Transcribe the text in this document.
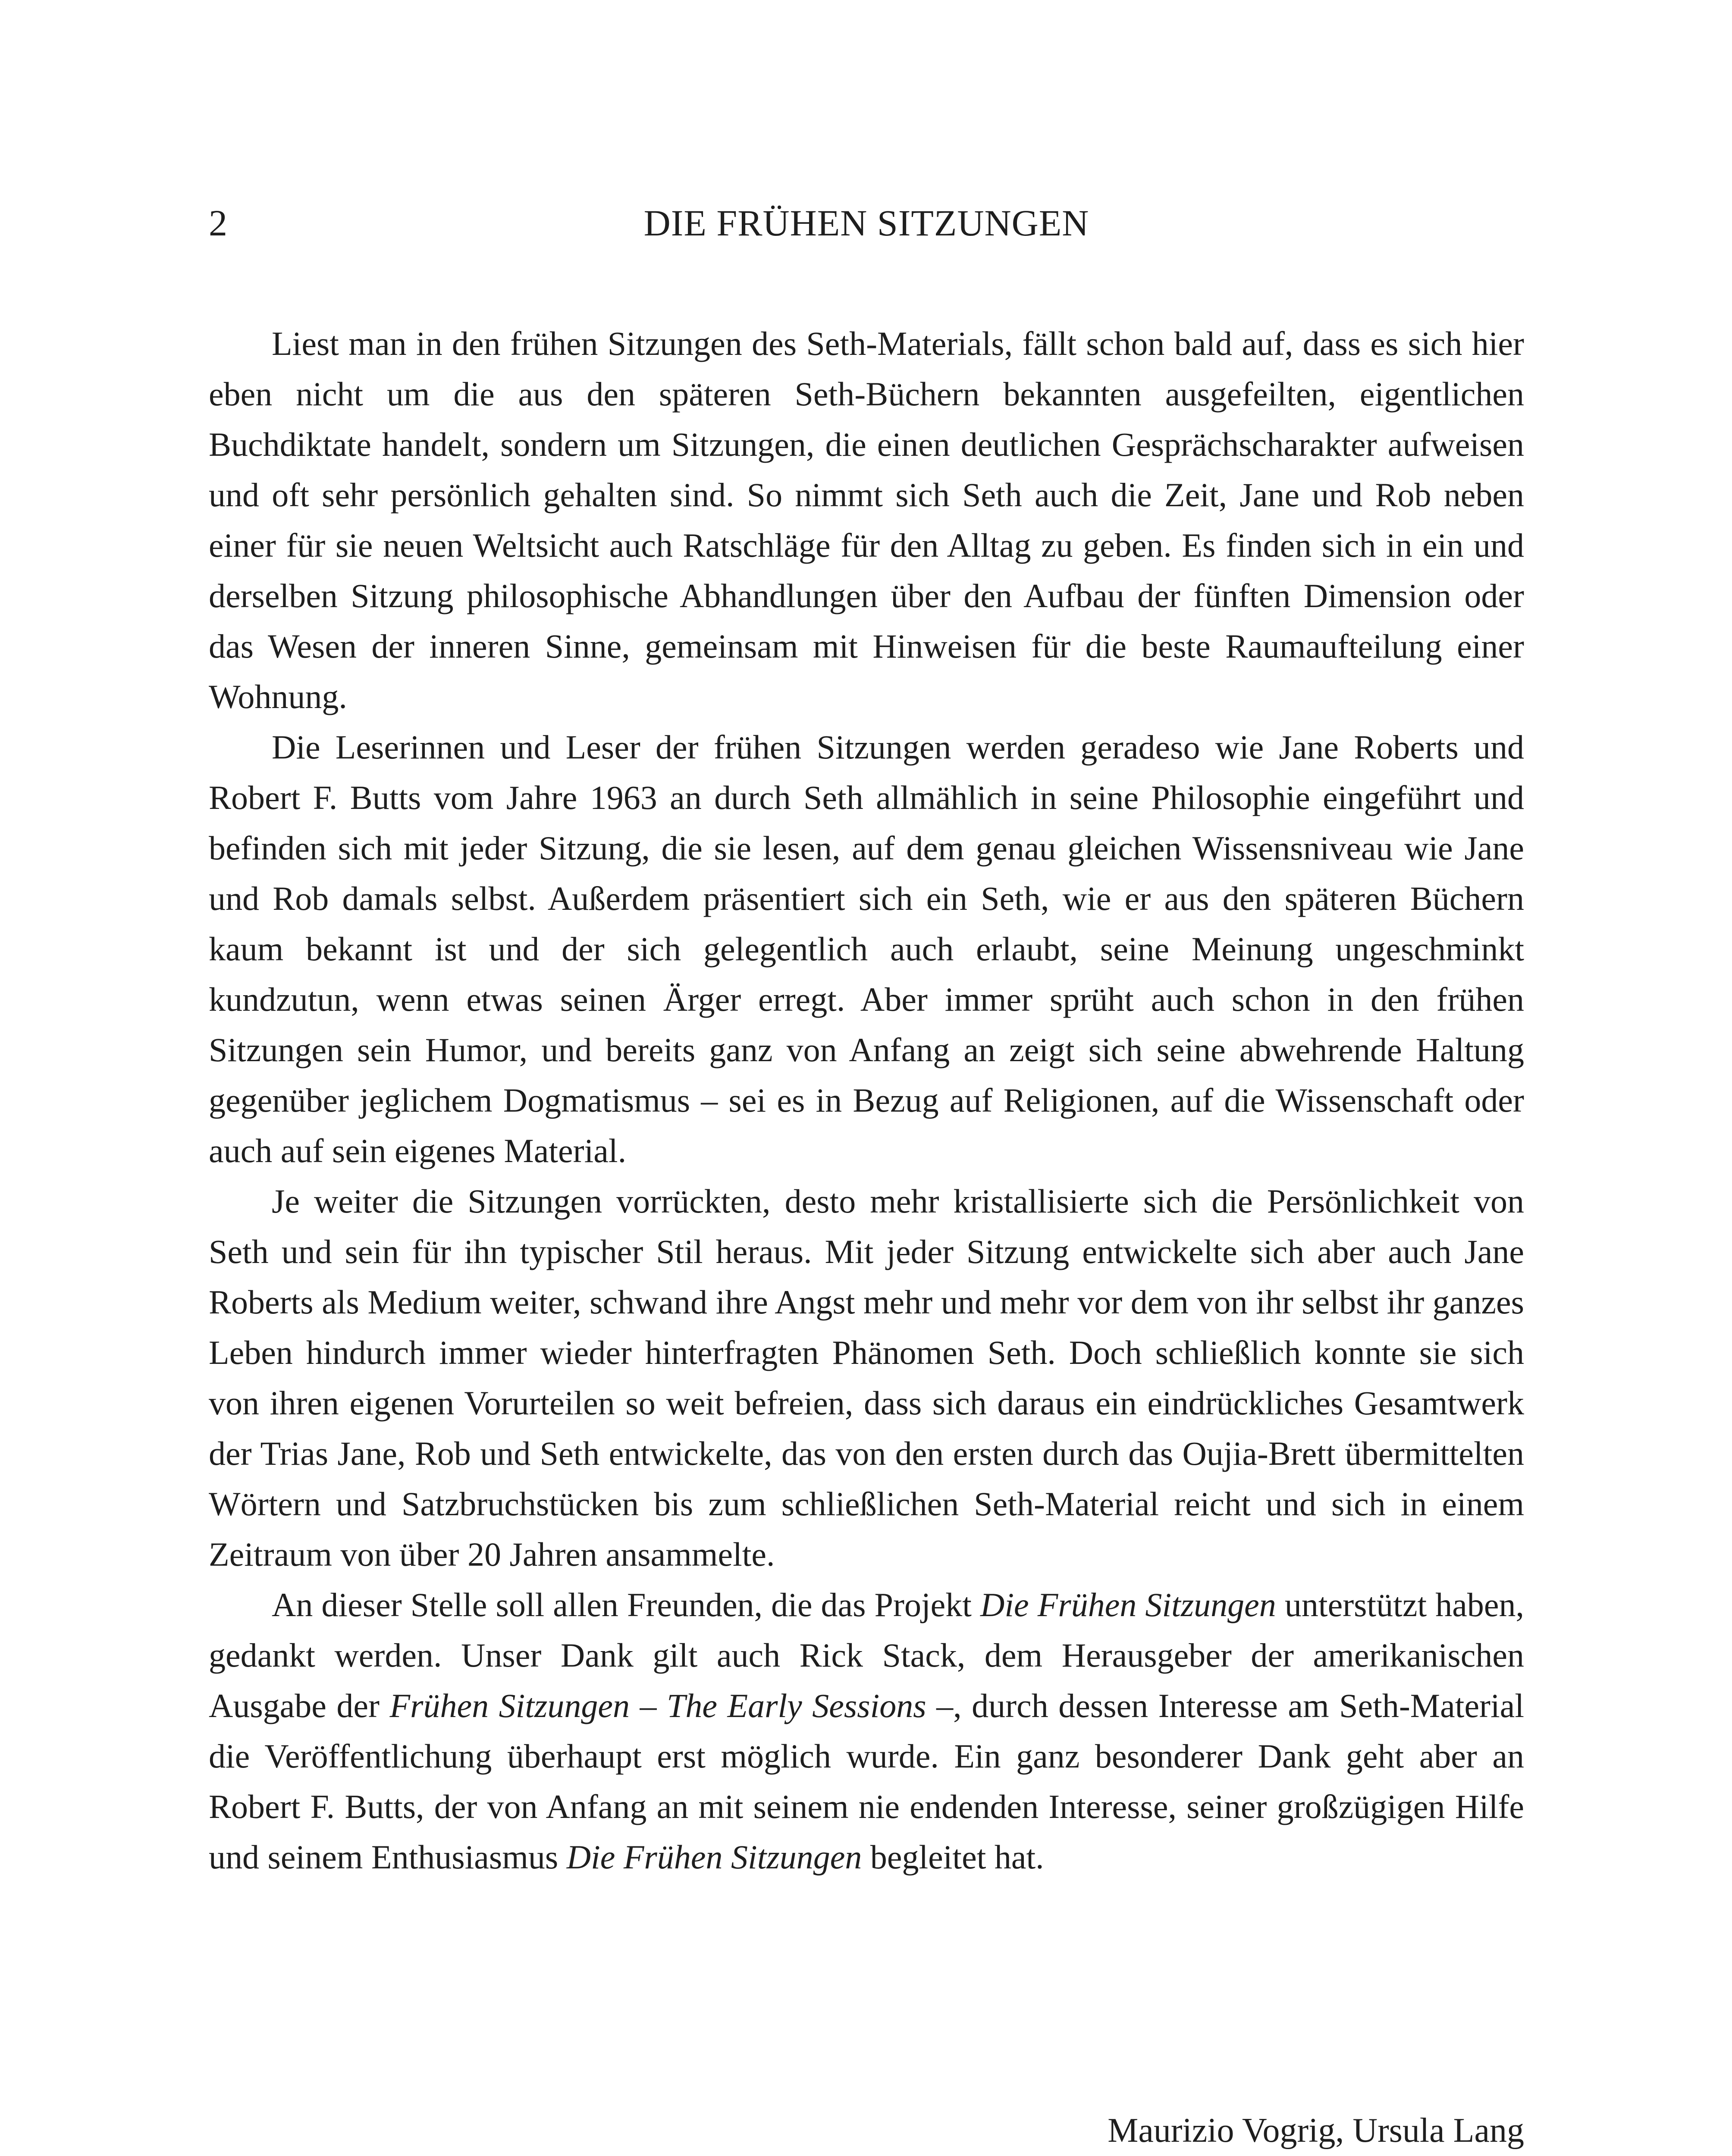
2	DIE FRÜHEN SITZUNGEN

Liest man in den frühen Sitzungen des Seth-Materials, fällt schon bald auf, dass es sich hier eben nicht um die aus den späteren Seth-Büchern bekannten ausgefeilten, eigentlichen Buchdiktate handelt, sondern um Sitzungen, die einen deutlichen Gesprächscharakter aufweisen und oft sehr persönlich gehalten sind. So nimmt sich Seth auch die Zeit, Jane und Rob neben einer für sie neuen Weltsicht auch Ratschläge für den Alltag zu geben. Es finden sich in ein und derselben Sitzung philosophische Abhandlungen über den Aufbau der fünften Dimension oder das Wesen der inneren Sinne, gemeinsam mit Hinweisen für die beste Raumaufteilung einer Wohnung.

Die Leserinnen und Leser der frühen Sitzungen werden geradeso wie Jane Roberts und Robert F. Butts vom Jahre 1963 an durch Seth allmählich in seine Philosophie eingeführt und befinden sich mit jeder Sitzung, die sie lesen, auf dem genau gleichen Wissensniveau wie Jane und Rob damals selbst. Außerdem präsentiert sich ein Seth, wie er aus den späteren Büchern kaum bekannt ist und der sich gelegentlich auch erlaubt, seine Meinung ungeschminkt kundzutun, wenn etwas seinen Ärger erregt. Aber immer sprüht auch schon in den frühen Sitzungen sein Humor, und bereits ganz von Anfang an zeigt sich seine abwehrende Haltung gegenüber jeglichem Dogmatismus – sei es in Bezug auf Religionen, auf die Wissenschaft oder auch auf sein eigenes Material.

Je weiter die Sitzungen vorrückten, desto mehr kristallisierte sich die Persönlichkeit von Seth und sein für ihn typischer Stil heraus. Mit jeder Sitzung entwickelte sich aber auch Jane Roberts als Medium weiter, schwand ihre Angst mehr und mehr vor dem von ihr selbst ihr ganzes Leben hindurch immer wieder hinterfragten Phänomen Seth. Doch schließlich konnte sie sich von ihren eigenen Vorurteilen so weit befreien, dass sich daraus ein eindrückliches Gesamtwerk der Trias Jane, Rob und Seth entwickelte, das von den ersten durch das Oujia-Brett übermittelten Wörtern und Satzbruchstücken bis zum schließlichen Seth-Material reicht und sich in einem Zeitraum von über 20 Jahren ansammelte.

An dieser Stelle soll allen Freunden, die das Projekt Die Frühen Sitzungen unterstützt haben, gedankt werden. Unser Dank gilt auch Rick Stack, dem Herausgeber der amerikanischen Ausgabe der Frühen Sitzungen – The Early Sessions –, durch dessen Interesse am Seth-Material die Veröffentlichung überhaupt erst möglich wurde. Ein ganz besonderer Dank geht aber an Robert F. Butts, der von Anfang an mit seinem nie endenden Interesse, seiner großzügigen Hilfe und seinem Enthusiasmus Die Frühen Sitzungen begleitet hat.

Maurizio Vogrig, Ursula Lang
